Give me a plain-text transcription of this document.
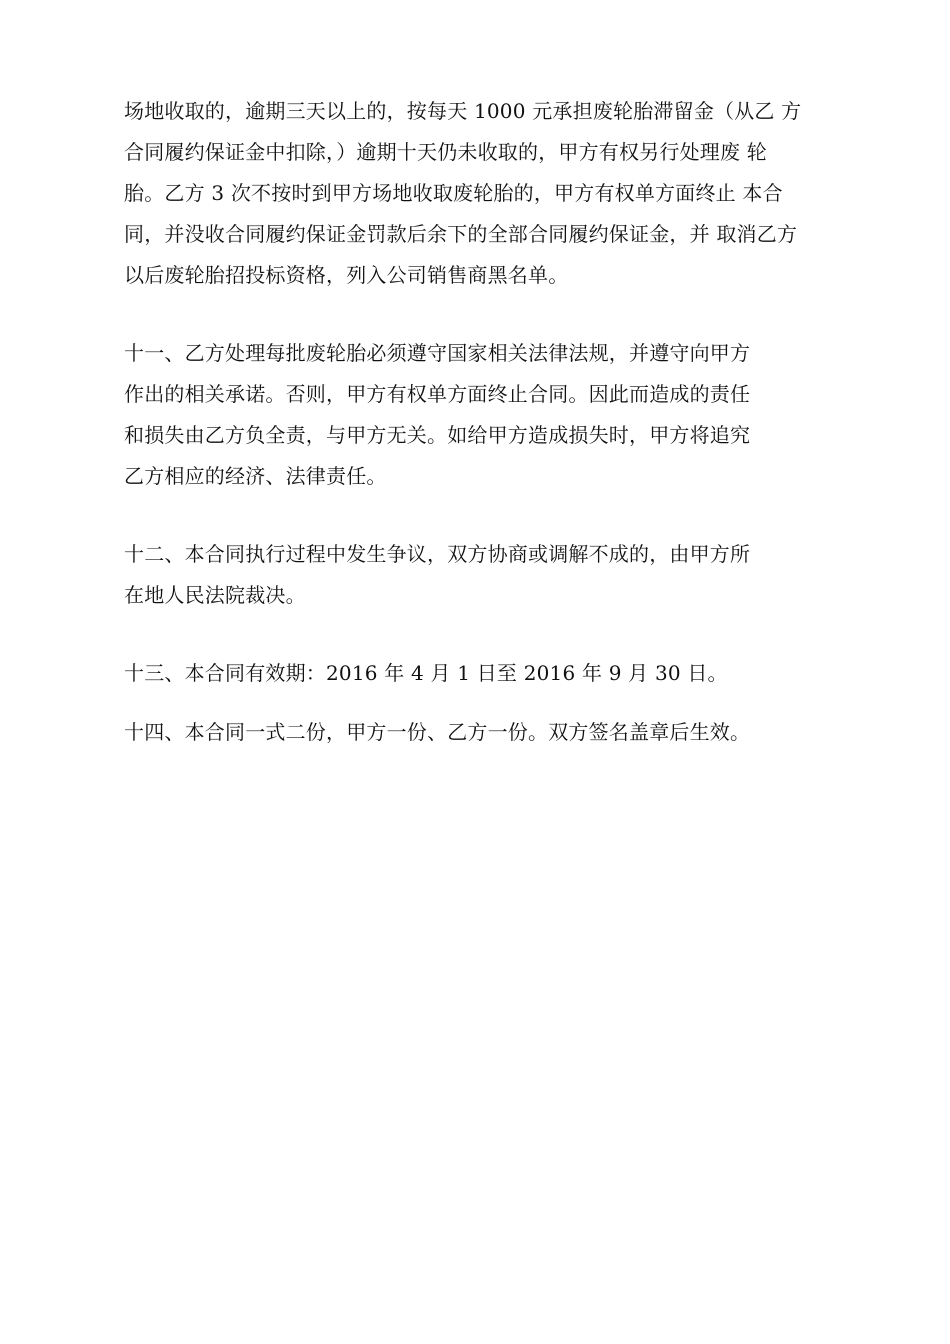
场地收取的，逾期三天以上的，按每天 1000 元承担废轮胎滞留金（从乙 方
合同履约保证金中扣除，）逾期十天仍未收取的，甲方有权另行处理废 轮
胎。乙方 3 次不按时到甲方场地收取废轮胎的，甲方有权单方面终止 本合
同，并没收合同履约保证金罚款后余下的全部合同履约保证金，并 取消乙方
以后废轮胎招投标资格，列入公司销售商黑名单。
十一、乙方处理每批废轮胎必须遵守国家相关法律法规，并遵守向甲方
作出的相关承诺。否则，甲方有权单方面终止合同。因此而造成的责任
和损失由乙方负全责，与甲方无关。如给甲方造成损失时，甲方将追究
乙方相应的经济、法律责任。
十二、本合同执行过程中发生争议，双方协商或调解不成的，由甲方所
在地人民法院裁决。
十三、本合同有效期：2016 年 4 月 1 日至 2016 年 9 月 30 日。
十四、本合同一式二份，甲方一份、乙方一份。双方签名盖章后生效。
